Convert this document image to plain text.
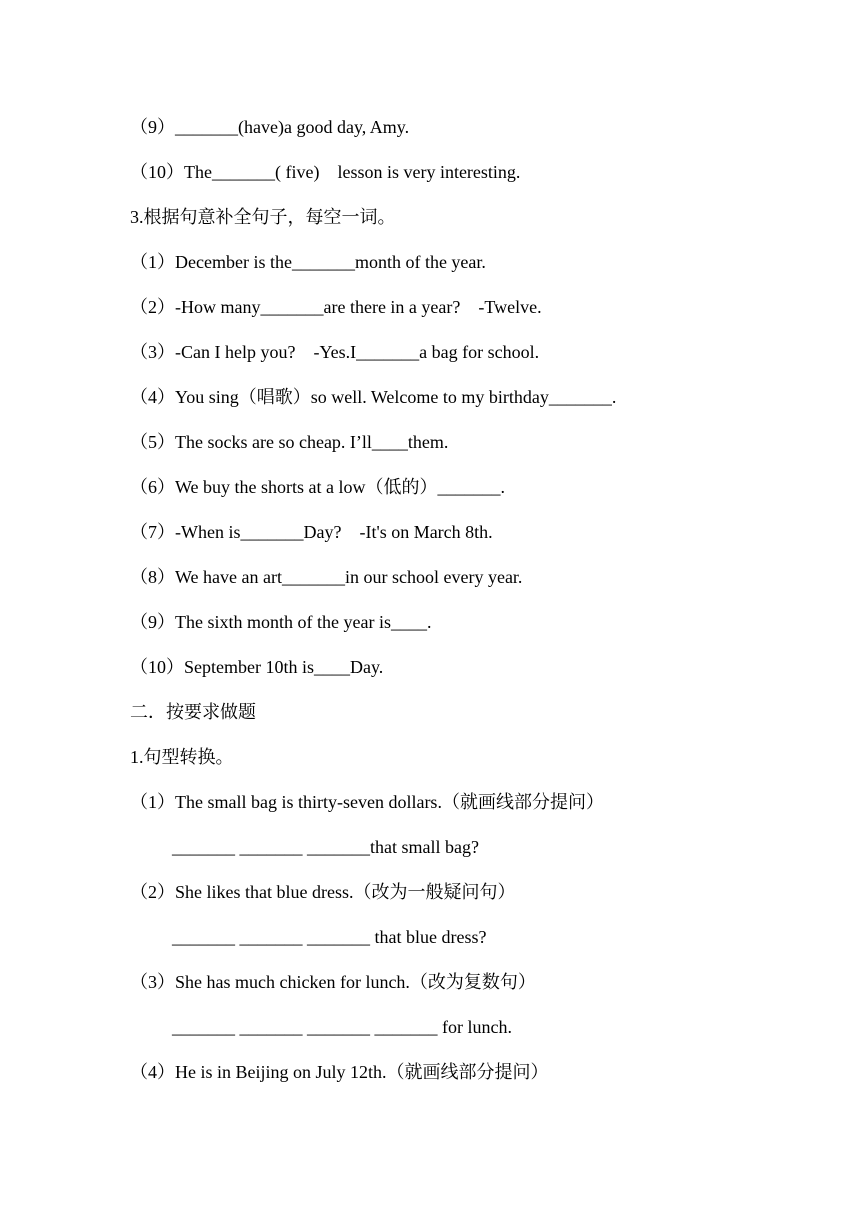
（9）_______(have)a good day, Amy.
（10）The_______( five)    lesson is very interesting.
3.根据句意补全句子，每空一词。
（1）December is the_______month of the year.
（2）-How many_______are there in a year?    -Twelve.
（3）-Can I help you?    -Yes.I_______a bag for school.
（4）You sing（唱歌）so well. Welcome to my birthday_______.
（5）The socks are so cheap. I’ll____them.
（6）We buy the shorts at a low（低的）_______.
（7）-When is_______Day?    -It's on March 8th.
（8）We have an art_______in our school every year.
（9）The sixth month of the year is____.
（10）September 10th is____Day.
二．按要求做题
1.句型转换。
（1）The small bag is thirty-seven dollars.（就画线部分提问）
_______ _______ _______that small bag?
（2）She likes that blue dress.（改为一般疑问句）
_______ _______ _______ that blue dress?
（3）She has much chicken for lunch.（改为复数句）
_______ _______ _______ _______ for lunch.
（4）He is in Beijing on July 12th.（就画线部分提问）
